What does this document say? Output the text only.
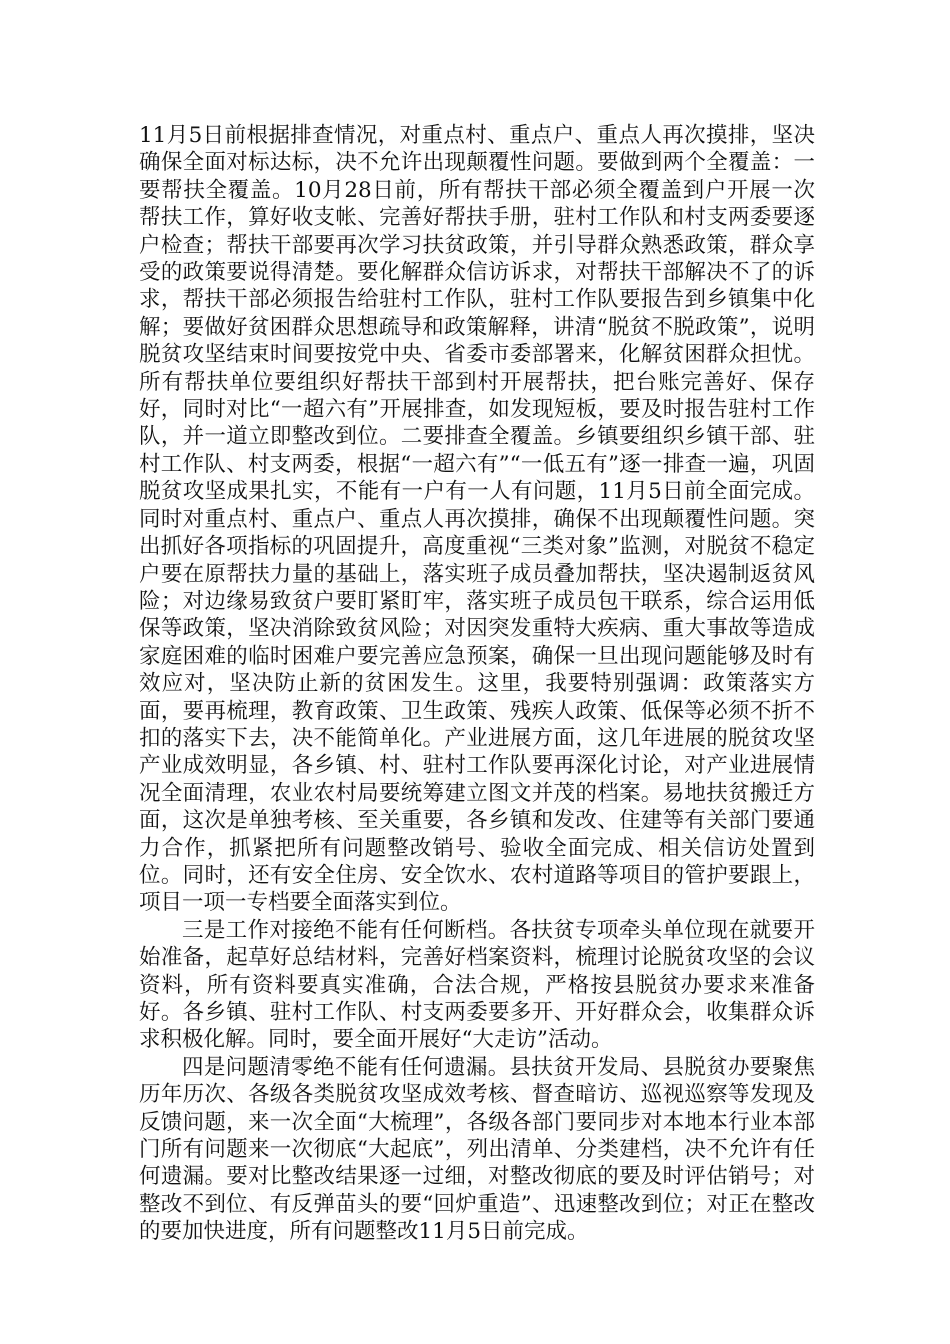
11月5日前根据排查情况，对重点村、重点户、重点人再次摸排，坚决确保全面对标达标，决不允许出现颠覆性问题。要做到两个全覆盖：一要帮扶全覆盖。10月28日前，所有帮扶干部必须全覆盖到户开展一次帮扶工作，算好收支帐、完善好帮扶手册，驻村工作队和村支两委要逐户检查；帮扶干部要再次学习扶贫政策，并引导群众熟悉政策，群众享受的政策要说得清楚。要化解群众信访诉求，对帮扶干部解决不了的诉求，帮扶干部必须报告给驻村工作队，驻村工作队要报告到乡镇集中化解；要做好贫困群众思想疏导和政策解释，讲清“脱贫不脱政策”，说明脱贫攻坚结束时间要按党中央、省委市委部署来，化解贫困群众担忧。所有帮扶单位要组织好帮扶干部到村开展帮扶，把台账完善好、保存好，同时对比“一超六有”开展排查，如发现短板，要及时报告驻村工作队，并一道立即整改到位。二要排查全覆盖。乡镇要组织乡镇干部、驻村工作队、村支两委，根据“一超六有”“一低五有”逐一排查一遍，巩固脱贫攻坚成果扎实，不能有一户有一人有问题，11月5日前全面完成。同时对重点村、重点户、重点人再次摸排，确保不出现颠覆性问题。突出抓好各项指标的巩固提升，高度重视“三类对象”监测，对脱贫不稳定户要在原帮扶力量的基础上，落实班子成员叠加帮扶，坚决遏制返贫风险；对边缘易致贫户要盯紧盯牢，落实班子成员包干联系，综合运用低保等政策，坚决消除致贫风险；对因突发重特大疾病、重大事故等造成家庭困难的临时困难户要完善应急预案，确保一旦出现问题能够及时有效应对，坚决防止新的贫困发生。这里，我要特别强调：政策落实方面，要再梳理，教育政策、卫生政策、残疾人政策、低保等必须不折不扣的落实下去，决不能简单化。产业进展方面，这几年进展的脱贫攻坚产业成效明显，各乡镇、村、驻村工作队要再深化讨论，对产业进展情况全面清理，农业农村局要统筹建立图文并茂的档案。易地扶贫搬迁方面，这次是单独考核、至关重要，各乡镇和发改、住建等有关部门要通力合作，抓紧把所有问题整改销号、验收全面完成、相关信访处置到位。同时，还有安全住房、安全饮水、农村道路等项目的管护要跟上，项目一项一专档要全面落实到位。

三是工作对接绝不能有任何断档。各扶贫专项牵头单位现在就要开始准备，起草好总结材料，完善好档案资料，梳理讨论脱贫攻坚的会议资料，所有资料要真实准确，合法合规，严格按县脱贫办要求来准备好。各乡镇、驻村工作队、村支两委要多开、开好群众会，收集群众诉求积极化解。同时，要全面开展好“大走访”活动。

四是问题清零绝不能有任何遗漏。县扶贫开发局、县脱贫办要聚焦历年历次、各级各类脱贫攻坚成效考核、督查暗访、巡视巡察等发现及反馈问题，来一次全面“大梳理”，各级各部门要同步对本地本行业本部门所有问题来一次彻底“大起底”，列出清单、分类建档，决不允许有任何遗漏。要对比整改结果逐一过细，对整改彻底的要及时评估销号；对整改不到位、有反弹苗头的要“回炉重造”、迅速整改到位；对正在整改的要加快进度，所有问题整改11月5日前完成。
